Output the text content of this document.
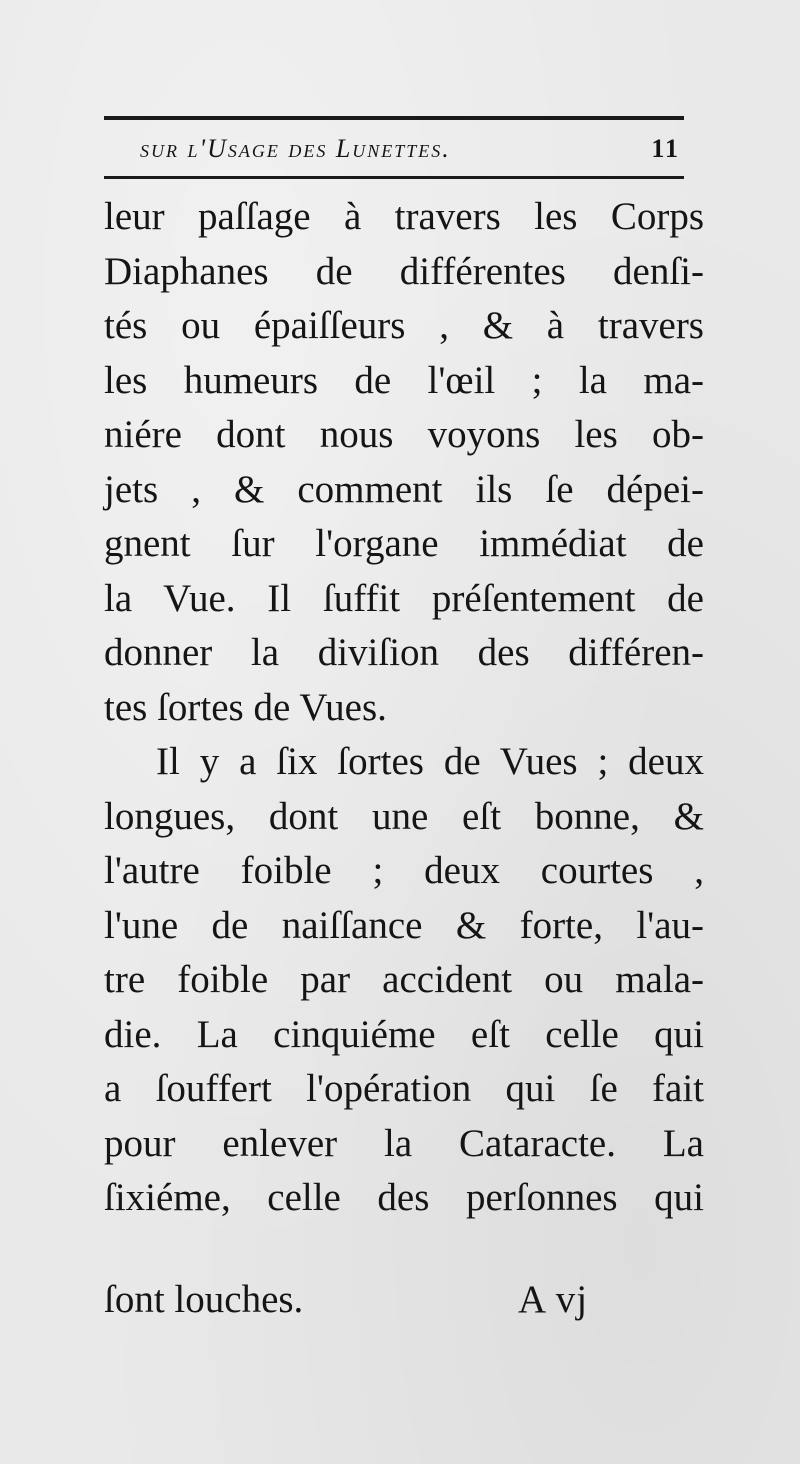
sur l'Usage des Lunettes.	11
leur paſſage à travers les Corps
Diaphanes de différentes denſi-
tés ou épaiſſeurs , & à travers
les humeurs de l'œil ; la ma-
niére dont nous voyons les ob-
jets , & comment ils ſe dépei-
gnent ſur l'organe immédiat de
la Vue. Il ſuffit préſentement de
donner la diviſion des différen-
tes ſortes de Vues.
Il y a ſix ſortes de Vues ; deux
longues, dont une eſt bonne, &
l'autre foible ; deux courtes ,
l'une de naiſſance & forte, l'au-
tre foible par accident ou mala-
die. La cinquiéme eſt celle qui
a ſouffert l'opération qui ſe fait
pour enlever la Cataracte. La
ſixiéme, celle des perſonnes qui
ſont louches.	A vj
